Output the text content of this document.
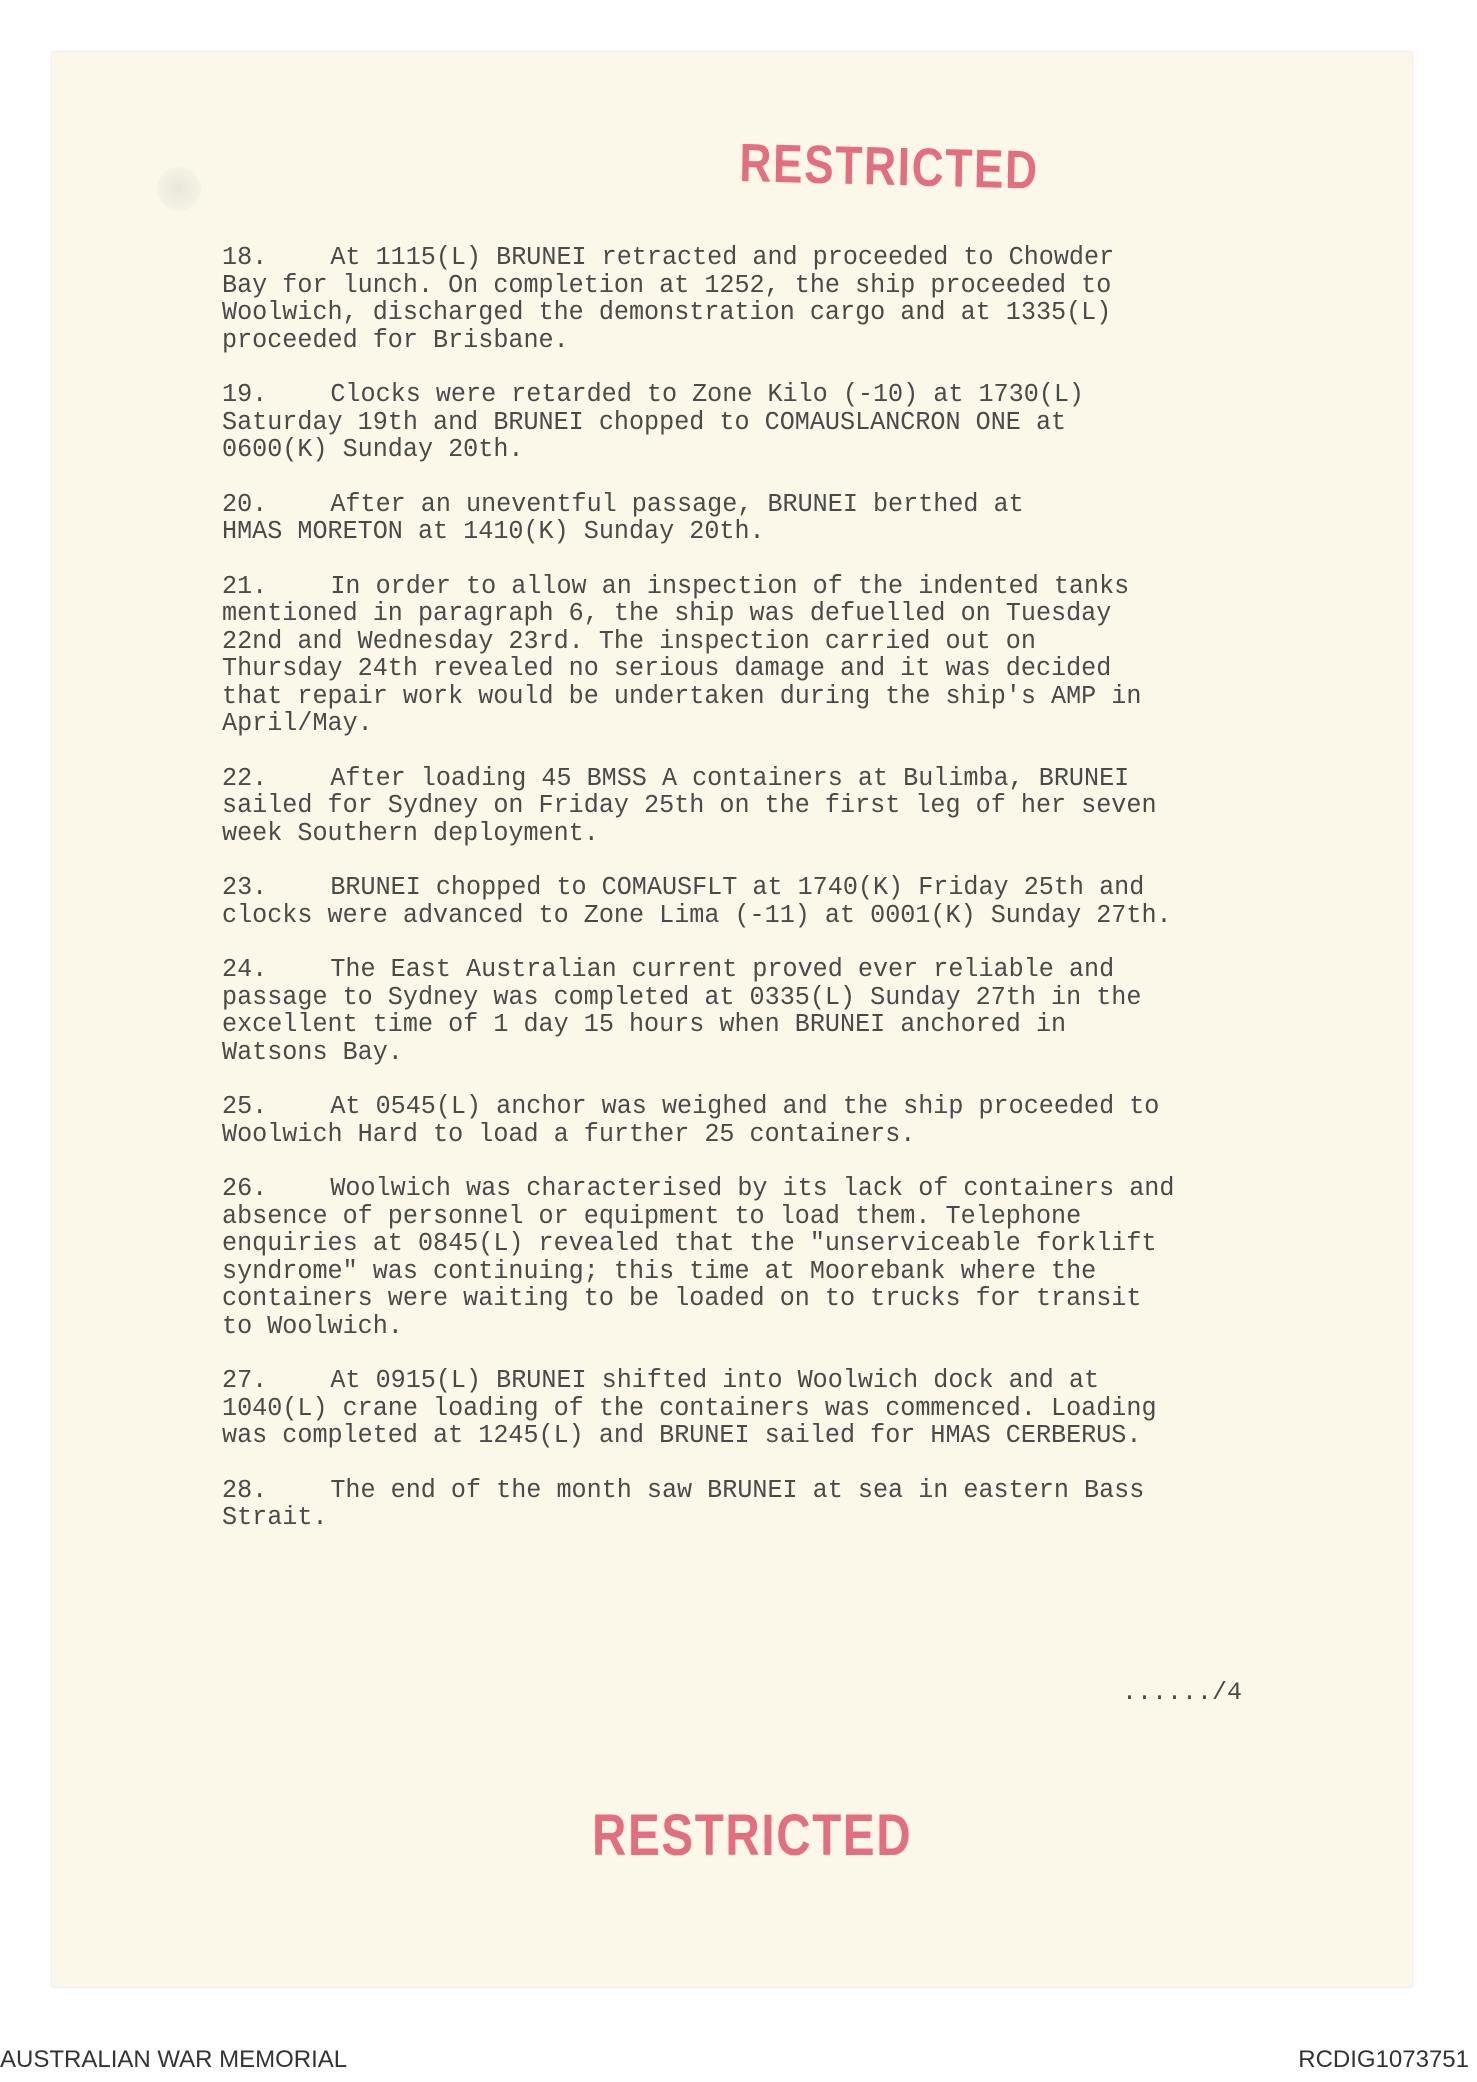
RESTRICTED

18. At 1115(L) BRUNEI retracted and proceeded to Chowder
Bay for lunch. On completion at 1252, the ship proceeded to
Woolwich, discharged the demonstration cargo and at 1335(L)
proceeded for Brisbane.

19. Clocks were retarded to Zone Kilo (-10) at 1730(L)
Saturday 19th and BRUNEI chopped to COMAUSLANCRON ONE at
0600(K) Sunday 20th.

20. After an uneventful passage, BRUNEI berthed at
HMAS MORETON at 1410(K) Sunday 20th.

21. In order to allow an inspection of the indented tanks
mentioned in paragraph 6, the ship was defuelled on Tuesday
22nd and Wednesday 23rd. The inspection carried out on
Thursday 24th revealed no serious damage and it was decided
that repair work would be undertaken during the ship's AMP in
April/May.

22. After loading 45 BMSS A containers at Bulimba, BRUNEI
sailed for Sydney on Friday 25th on the first leg of her seven
week Southern deployment.

23. BRUNEI chopped to COMAUSFLT at 1740(K) Friday 25th and
clocks were advanced to Zone Lima (-11) at 0001(K) Sunday 27th.

24. The East Australian current proved ever reliable and
passage to Sydney was completed at 0335(L) Sunday 27th in the
excellent time of 1 day 15 hours when BRUNEI anchored in
Watsons Bay.

25. At 0545(L) anchor was weighed and the ship proceeded to
Woolwich Hard to load a further 25 containers.

26. Woolwich was characterised by its lack of containers and
absence of personnel or equipment to load them. Telephone
enquiries at 0845(L) revealed that the "unserviceable forklift
syndrome" was continuing; this time at Moorebank where the
containers were waiting to be loaded on to trucks for transit
to Woolwich.

27. At 0915(L) BRUNEI shifted into Woolwich dock and at
1040(L) crane loading of the containers was commenced. Loading
was completed at 1245(L) and BRUNEI sailed for HMAS CERBERUS.

28. The end of the month saw BRUNEI at sea in eastern Bass
Strait.

....../4
RESTRICTED
AUSTRALIAN WAR MEMORIAL	RCDIG1073751
